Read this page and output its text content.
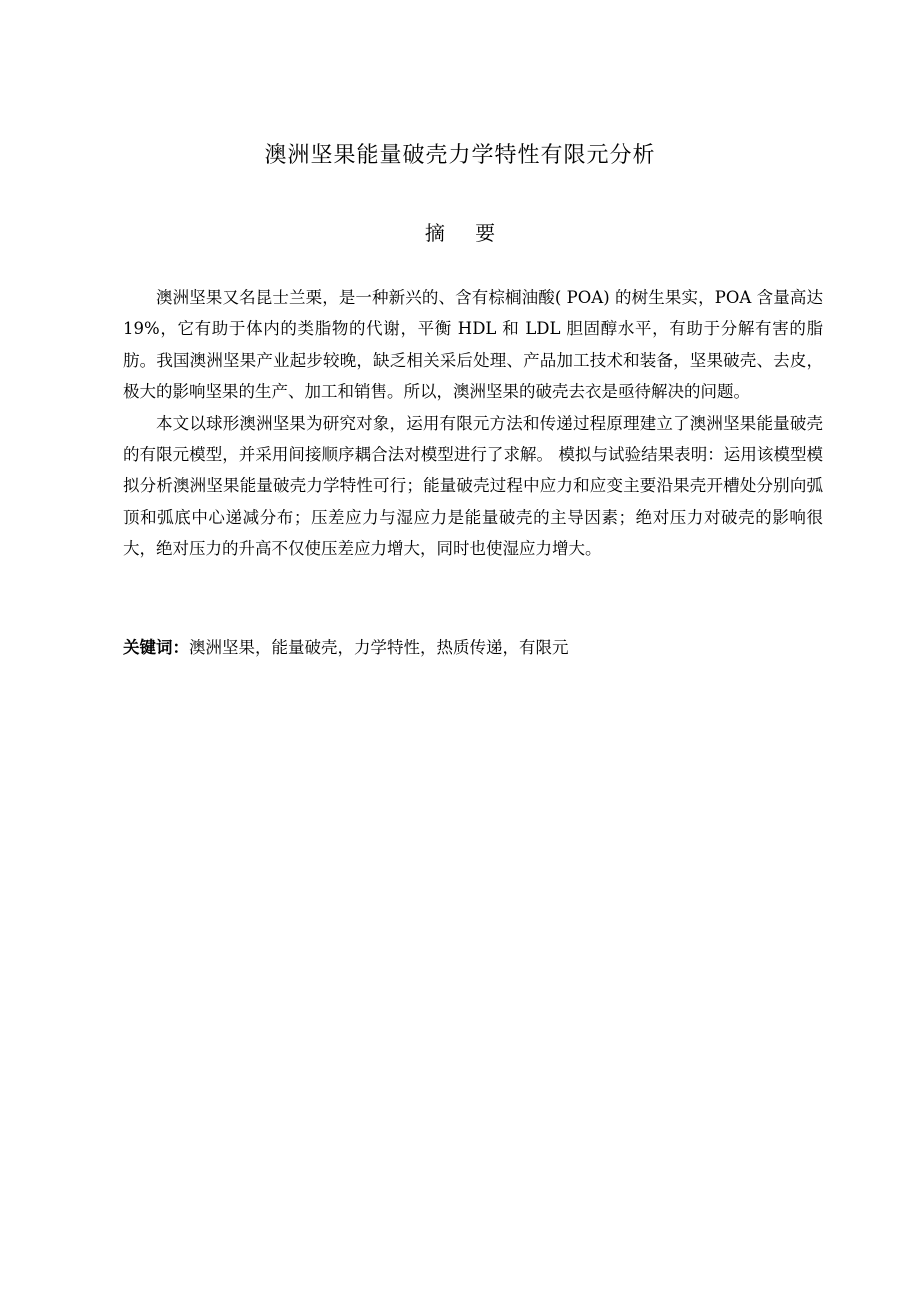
澳洲坚果能量破壳力学特性有限元分析
摘 要

澳洲坚果又名昆士兰栗，是一种新兴的、含有棕榈油酸( POA) 的树生果实，POA 含量高达 19%，它有助于体内的类脂物的代谢，平衡 HDL 和 LDL 胆固醇水平，有助于分解有害的脂肪。我国澳洲坚果产业起步较晚，缺乏相关采后处理、产品加工技术和装备，坚果破壳、去皮，极大的影响坚果的生产、加工和销售。所以，澳洲坚果的破壳去衣是亟待解决的问题。

本文以球形澳洲坚果为研究对象，运用有限元方法和传递过程原理建立了澳洲坚果能量破壳的有限元模型，并采用间接顺序耦合法对模型进行了求解。 模拟与试验结果表明：运用该模型模拟分析澳洲坚果能量破壳力学特性可行；能量破壳过程中应力和应变主要沿果壳开槽处分别向弧顶和弧底中心递减分布；压差应力与湿应力是能量破壳的主导因素；绝对压力对破壳的影响很大，绝对压力的升高不仅使压差应力增大，同时也使湿应力增大。

关键词：澳洲坚果，能量破壳，力学特性，热质传递，有限元
